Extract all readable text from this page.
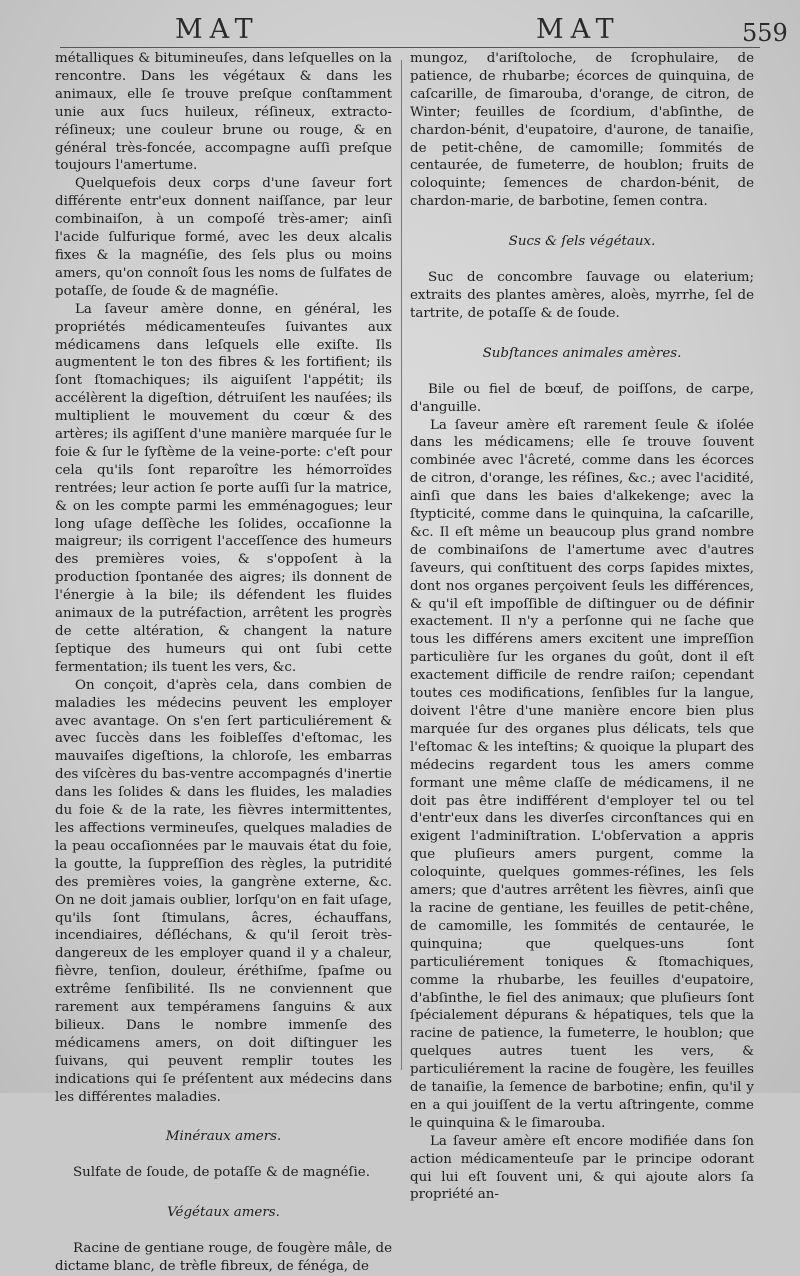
MAT	MAT	559

métalliques & bitumineuſes, dans leſquelles on la rencontre. Dans les végétaux & dans les animaux, elle ſe trouve preſque conſtamment unie aux ſucs huileux, réſineux, extracto-réſineux; une couleur brune ou rouge, & en général très-foncée, accompagne auſſi preſque toujours l'amertume.

Quelquefois deux corps d'une ſaveur fort différente entr'eux donnent naiſſance, par leur combinaiſon, à un compoſé très-amer; ainſi l'acide ſulfurique formé, avec les deux alcalis fixes & la magnéſie, des ſels plus ou moins amers, qu'on connoît ſous les noms de ſulfates de potaſſe, de ſoude & de magnéſie.

La ſaveur amère donne, en général, les propriétés médicamenteuſes ſuivantes aux médicamens dans leſquels elle exiſte. Ils augmentent le ton des fibres & les fortifient; ils ſont ſtomachiques; ils aiguiſent l'appétit; ils accélèrent la digeſtion, détruiſent les nauſées; ils multiplient le mouvement du cœur & des artères; ils agiſſent d'une manière marquée ſur le foie & ſur le ſyſtème de la veine-porte: c'eſt pour cela qu'ils ſont reparoître les hémorroïdes rentrées; leur action ſe porte auſſi ſur la matrice, & on les compte parmi les emménagogues; leur long uſage deſſèche les ſolides, occaſionne la maigreur; ils corrigent l'acceſſence des humeurs des premières voies, & s'oppoſent à la production ſpontanée des aigres; ils donnent de l'énergie à la bile; ils défendent les fluides animaux de la putréfaction, arrêtent les progrès de cette altération, & changent la nature ſeptique des humeurs qui ont ſubi cette fermentation; ils tuent les vers, &c.

On conçoit, d'après cela, dans combien de maladies les médecins peuvent les employer avec avantage. On s'en ſert particuliérement & avec ſuccès dans les foibleſſes d'eſtomac, les mauvaiſes digeſtions, la chloroſe, les embarras des viſcères du bas-ventre accompagnés d'inertie dans les ſolides & dans les fluides, les maladies du foie & de la rate, les fièvres intermittentes, les affections vermineuſes, quelques maladies de la peau occaſionnées par le mauvais état du foie, la goutte, la ſuppreſſion des règles, la putridité des premières voies, la gangrène externe, &c. On ne doit jamais oublier, lorſqu'on en fait uſage, qu'ils ſont ſtimulans, âcres, échauffans, incendiaires, déſléchans, & qu'il ſeroit très-dangereux de les employer quand il y a chaleur, fièvre, tenſion, douleur, éréthiſme, ſpaſme ou extrême ſenſibilité. Ils ne conviennent que rarement aux tempéramens ſanguins & aux bilieux. Dans le nombre immenſe des médicamens amers, on doit diſtinguer les ſuivans, qui peuvent remplir toutes les indications qui ſe préſentent aux médecins dans les différentes maladies.

Minéraux amers.

Sulfate de ſoude, de potaſſe & de magnéſie.

Végétaux amers.

Racine de gentiane rouge, de fougère mâle, de dictame blanc, de trèfle fibreux, de fénéga, de

mungoz, d'ariſtoloche, de ſcrophulaire, de patience, de rhubarbe; écorces de quinquina, de caſcarille, de ſimarouba, d'orange, de citron, de Winter; feuilles de ſcordium, d'abſinthe, de chardon-bénit, d'eupatoire, d'aurone, de tanaiſie, de petit-chêne, de camomille; ſommités de centaurée, de fumeterre, de houblon; fruits de coloquinte; ſemences de chardon-bénit, de chardon-marie, de barbotine, ſemen contra.

Sucs & ſels végétaux.

Suc de concombre ſauvage ou elaterium; extraits des plantes amères, aloès, myrrhe, ſel de tartrite, de potaſſe & de ſoude.

Subſtances animales amères.

Bile ou fiel de bœuf, de poiſſons, de carpe, d'anguille.

La ſaveur amère eſt rarement ſeule & iſolée dans les médicamens; elle ſe trouve ſouvent combinée avec l'âcreté, comme dans les écorces de citron, d'orange, les réſines, &c.; avec l'acidité, ainſi que dans les baies d'alkekenge; avec la ſtypticité, comme dans le quinquina, la caſcarille, &c. Il eſt même un beaucoup plus grand nombre de combinaiſons de l'amertume avec d'autres ſaveurs, qui conſtituent des corps ſapides mixtes, dont nos organes perçoivent ſeuls les différences, & qu'il eſt impoſſible de diſtinguer ou de définir exactement. Il n'y a perſonne qui ne ſache que tous les différens amers excitent une impreſſion particulière ſur les organes du goût, dont il eſt exactement difficile de rendre raiſon; cependant toutes ces modifications, ſenſibles ſur la langue, doivent l'être d'une manière encore bien plus marquée ſur des organes plus délicats, tels que l'eſtomac & les inteſtins; & quoique la plupart des médecins regardent tous les amers comme formant une même claſſe de médicamens, il ne doit pas être indifférent d'employer tel ou tel d'entr'eux dans les diverſes circonſtances qui en exigent l'adminiſtration. L'obſervation a appris que pluſieurs amers purgent, comme la coloquinte, quelques gommes-réſines, les ſels amers; que d'autres arrêtent les fièvres, ainſi que la racine de gentiane, les feuilles de petit-chêne, de camomille, les ſommités de centaurée, le quinquina; que quelques-uns ſont particuliérement toniques & ſtomachiques, comme la rhubarbe, les feuilles d'eupatoire, d'abſinthe, le fiel des animaux; que pluſieurs ſont ſpécialement dépurans & hépatiques, tels que la racine de patience, la fumeterre, le houblon; que quelques autres tuent les vers, & particuliérement la racine de fougère, les feuilles de tanaiſie, la ſemence de barbotine; enfin, qu'il y en a qui jouiſſent de la vertu aſtringente, comme le quinquina & le ſimarouba.

La ſaveur amère eſt encore modifiée dans ſon action médicamenteuſe par le principe odorant qui lui eſt ſouvent uni, & qui ajoute alors ſa propriété an-
